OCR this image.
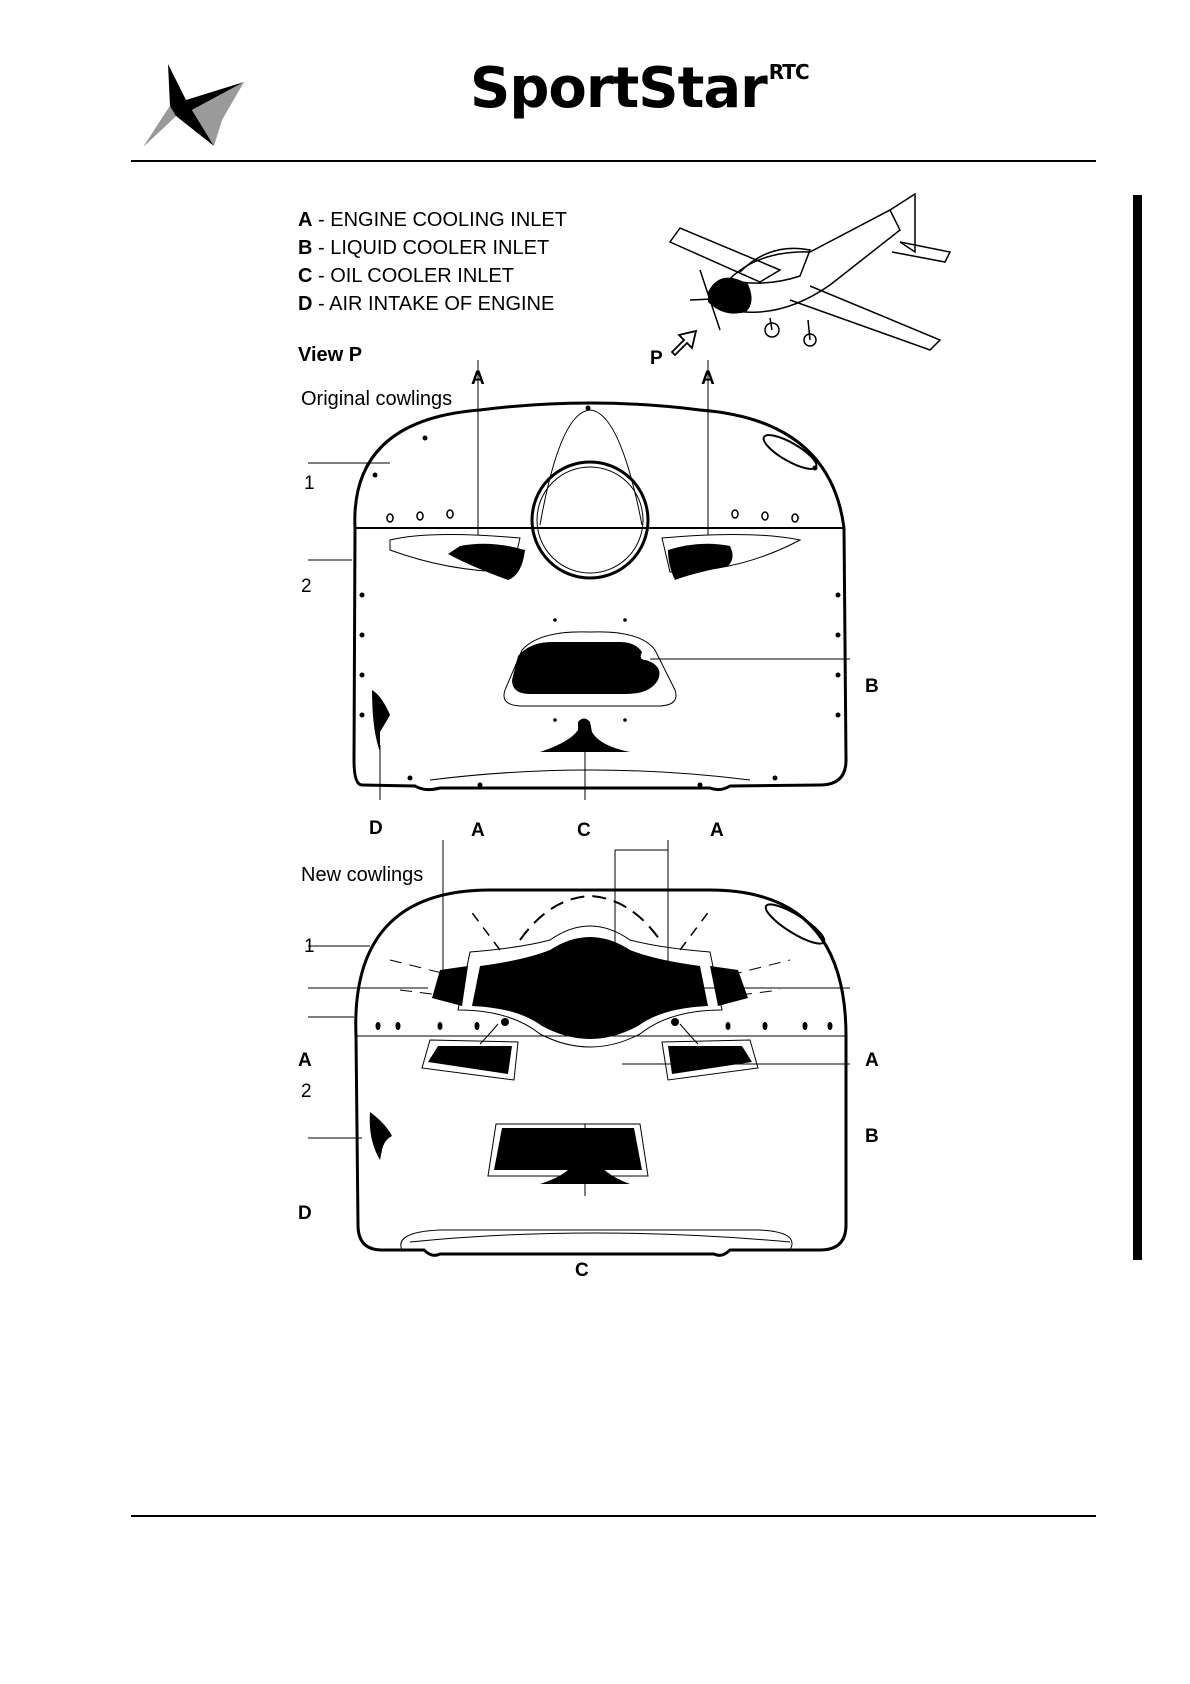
SportStar $^{RTC}$
A - ENGINE COOLING INLET
B - LIQUID COOLER INLET
C - OIL COOLER INLET
D - AIR INTAKE OF ENGINE
View P	P
Original cowlings
A	A
1
2
B
D	C
New cowlings
A	A
1
A
2
A
B
D
C
